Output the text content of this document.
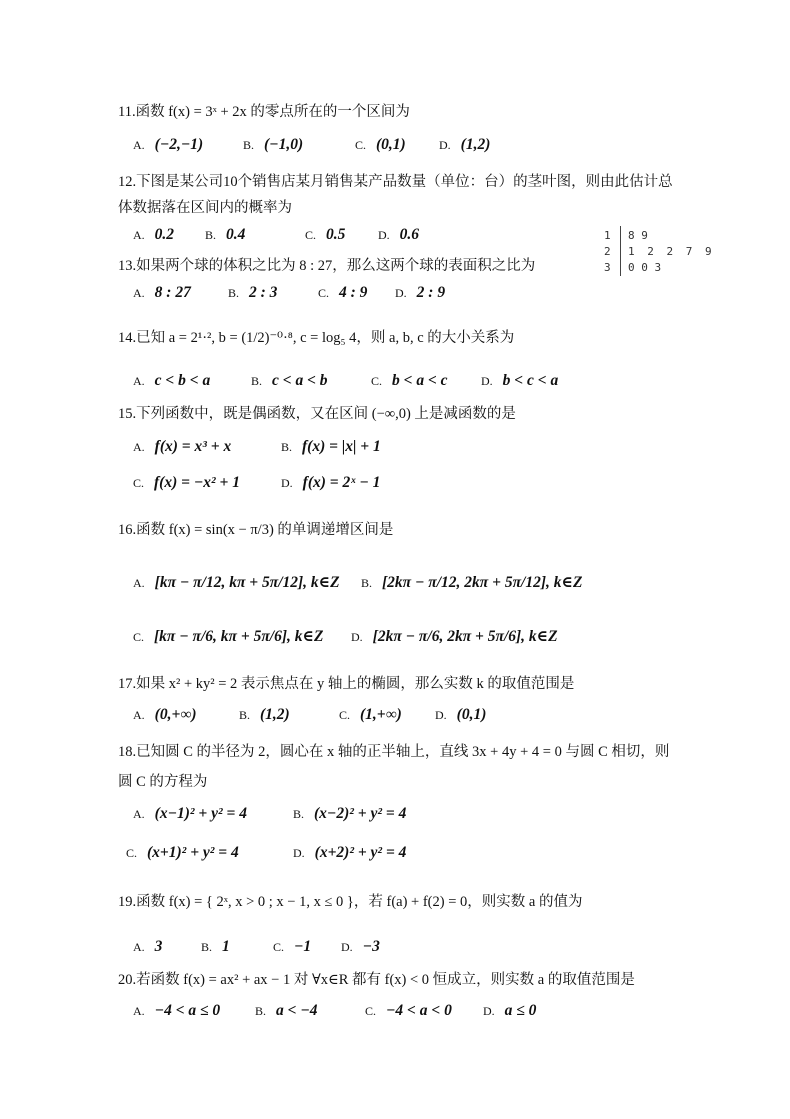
11.函数 f(x) = 3ˣ + 2x 的零点所在的一个区间为
A. (−2,−1)	B. (−1,0)	C. (0,1)	D. (1,2)
12.下图是某公司10个销售店某月销售某产品数量（单位：台）的茎叶图，则由此估计总
体数据落在区间内的概率为
A. 0.2	B. 0.4	C. 0.5	D. 0.6	1 8 9
2 1 2 2 7 9
3 0 0 3
13.如果两个球的体积之比为 8 : 27，那么这两个球的表面积之比为
A. 8 : 27	B. 2 : 3	C. 4 : 9 D. 2 : 9
14.已知 a = 2¹·², b = (1/2)⁻⁰·⁸, c = log₅ 4，则 a, b, c 的大小关系为
A. c < b < a	B. c < a < b	C. b < a < c	D. b < c < a
15.下列函数中，既是偶函数，又在区间 (−∞,0) 上是减函数的是
A. f(x) = x³ + x	B. f(x) = |x| + 1
C. f(x) = −x² + 1	D. f(x) = 2ˣ − 1
16.函数 f(x) = sin(x − π/3) 的单调递增区间是
A. [kπ − π/12, kπ + 5π/12], k∈Z B. [2kπ − π/12, 2kπ + 5π/12], k∈Z
C. [kπ − π/6, kπ + 5π/6], k∈Z D. [2kπ − π/6, 2kπ + 5π/6], k∈Z
17.如果 x² + ky² = 2 表示焦点在 y 轴上的椭圆，那么实数 k 的取值范围是
A. (0,+∞)	B. (1,2)	C. (1,+∞)	D. (0,1)
18.已知圆 C 的半径为 2，圆心在 x 轴的正半轴上，直线 3x + 4y + 4 = 0 与圆 C 相切，则
圆 C 的方程为
A. (x−1)² + y² = 4	B. (x−2)² + y² = 4
C. (x+1)² + y² = 4	D. (x+2)² + y² = 4
19.函数 f(x) = { 2ˣ, x > 0 ; x − 1, x ≤ 0 }，若 f(a) + f(2) = 0，则实数 a 的值为
A. 3	B. 1	C. −1 D. −3
20.若函数 f(x) = ax² + ax − 1 对 ∀x∈R 都有 f(x) < 0 恒成立，则实数 a 的取值范围是
A. −4 < a ≤ 0	B. a < −4	C. −4 < a < 0	D. a ≤ 0
